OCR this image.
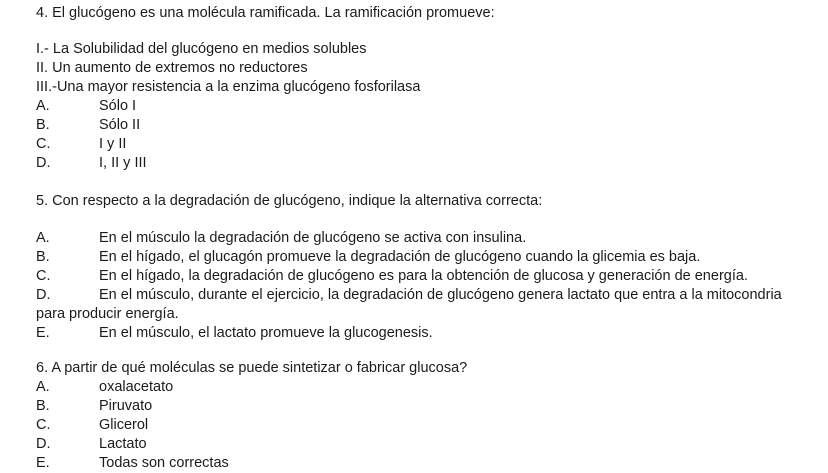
4. El glucógeno es una molécula ramificada. La ramificación promueve:
I.- La Solubilidad del glucógeno en medios solubles
II. Un aumento de extremos no reductores
III.-Una mayor resistencia a la enzima glucógeno fosforilasa
A.	Sólo I
B.	Sólo II
C.	I y II
D.	I, II y III
5. Con respecto a la degradación de glucógeno, indique la alternativa correcta:
A.	En el músculo la degradación de glucógeno se activa con insulina.
B.	En el hígado, el glucagón promueve la degradación de glucógeno cuando la glicemia es baja.
C.	En el hígado, la degradación de glucógeno es para la obtención de glucosa y generación de energía.
D.	En el músculo, durante el ejercicio, la degradación de glucógeno genera lactato que entra a la mitocondria para producir energía.
E.	En el músculo, el lactato promueve la glucogenesis.
6. A partir de qué moléculas se puede sintetizar o fabricar glucosa?
A.	oxalacetato
B.	Piruvato
C.	Glicerol
D.	Lactato
E.	Todas son correctas
